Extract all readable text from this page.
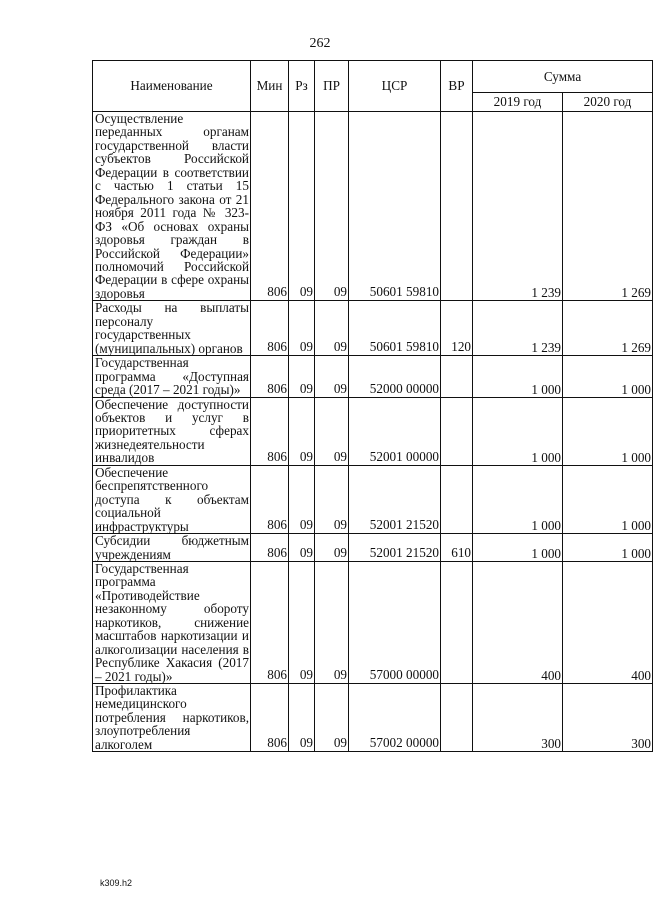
262
Наименование	Мин	Рз	ПР	ЦСР	ВР	Сумма	
						2019 год	2020 год
Осуществление переданных органам государственной власти субъектов Российской Федерации в соответствии с частью 1 статьи 15 Федерального закона от 21 ноября 2011 года № 323-ФЗ «Об основах охраны здоровья граждан в Российской Федерации» полномочий Российской Федерации в сфере охраны здоровья	806	09	09	50601 59810		1 239	1 269
Расходы на выплаты персоналу государственных (муниципальных) органов	806	09	09	50601 59810	120	1 239	1 269
Государственная программа «Доступная среда (2017 – 2021 годы)»	806	09	09	52000 00000		1 000	1 000
Обеспечение доступности объектов и услуг в приоритетных сферах жизнедеятельности инвалидов	806	09	09	52001 00000		1 000	1 000
Обеспечение беспрепятственного доступа к объектам социальной инфраструктуры	806	09	09	52001 21520		1 000	1 000
Субсидии бюджетным учреждениям	806	09	09	52001 21520	610	1 000	1 000
Государственная программа «Противодействие незаконному обороту наркотиков, снижение масштабов наркотизации и алкоголизации населения в Республике Хакасия (2017 – 2021 годы)»	806	09	09	57000 00000		400	400
Профилактика немедицинского потребления наркотиков, злоупотребления алкоголем	806	09	09	57002 00000		300	300
k309.h2
